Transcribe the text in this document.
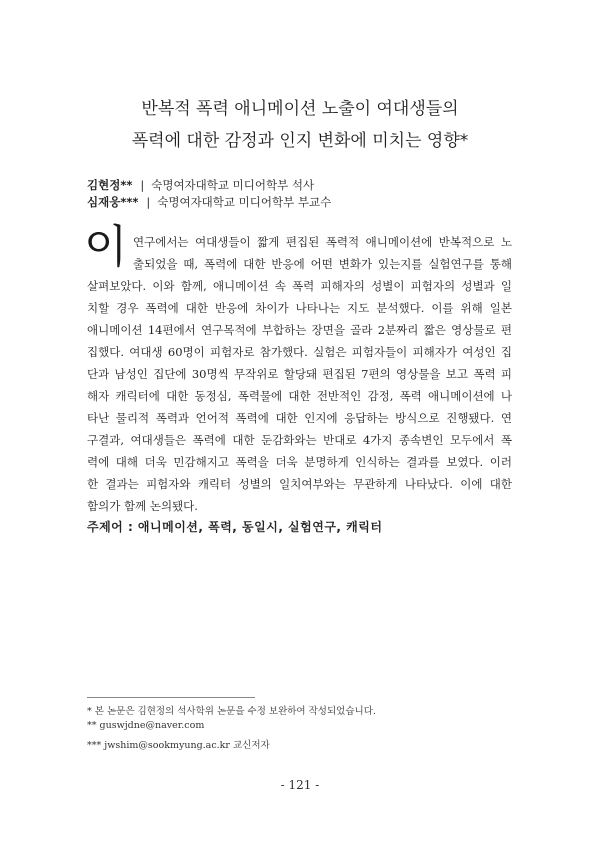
반복적 폭력 애니메이션 노출이 여대생들의
폭력에 대한 감정과 인지 변화에 미치는 영향*
김현정** | 숙명여자대학교 미디어학부 석사
심재웅*** | 숙명여자대학교 미디어학부 부교수
이 연구에서는 여대생들이 짧게 편집된 폭력적 애니메이션에 반복적으로 노
출되었을 때, 폭력에 대한 반응에 어떤 변화가 있는지를 실험연구를 통해
살펴보았다. 이와 함께, 애니메이션 속 폭력 피해자의 성별이 피험자의 성별과 일
치할 경우 폭력에 대한 반응에 차이가 나타나는 지도 분석했다. 이를 위해 일본
애니메이션 14편에서 연구목적에 부합하는 장면을 골라 2분짜리 짧은 영상물로 편
집했다. 여대생 60명이 피험자로 참가했다. 실험은 피험자들이 피해자가 여성인 집
단과 남성인 집단에 30명씩 무작위로 할당돼 편집된 7편의 영상물을 보고 폭력 피
해자 캐릭터에 대한 동정심, 폭력물에 대한 전반적인 감정, 폭력 애니메이션에 나
타난 물리적 폭력과 언어적 폭력에 대한 인지에 응답하는 방식으로 진행됐다. 연
구결과, 여대생들은 폭력에 대한 둔감화와는 반대로 4가지 종속변인 모두에서 폭
력에 대해 더욱 민감해지고 폭력을 더욱 분명하게 인식하는 결과를 보였다. 이러
한 결과는 피험자와 캐릭터 성별의 일치여부와는 무관하게 나타났다. 이에 대한
함의가 함께 논의됐다.
주제어 : 애니메이션, 폭력, 동일시, 실험연구, 캐릭터
* 본 논문은 김현정의 석사학위 논문을 수정 보완하여 작성되었습니다.
** guswjdne@naver.com
*** jwshim@sookmyung.ac.kr 교신저자
- 121 -
